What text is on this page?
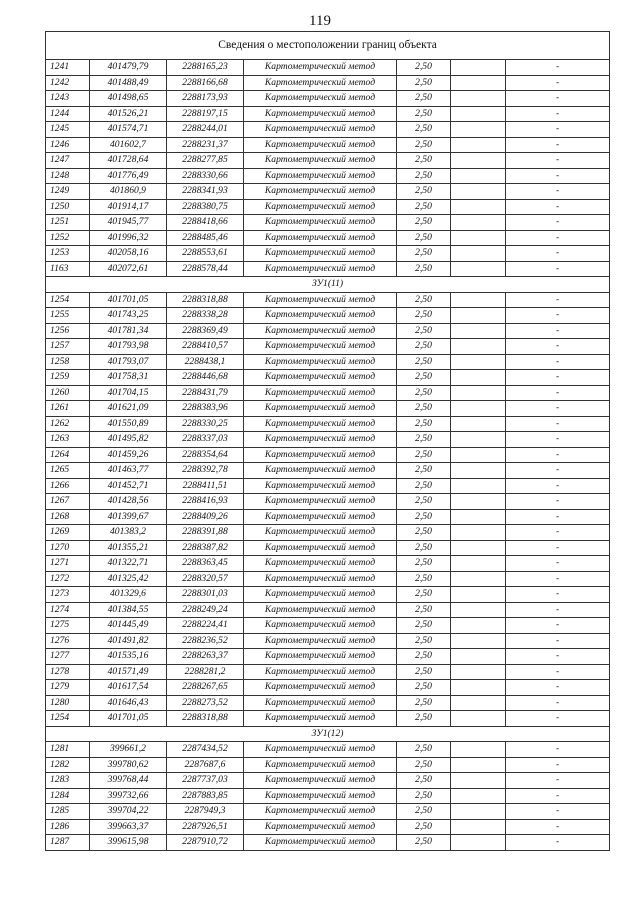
119
Сведения о местоположении границ объекта						
1241	401479,79	2288165,23	Картометрический метод	2,50		-
1242	401488,49	2288166,68	Картометрический метод	2,50		-
1243	401498,65	2288173,93	Картометрический метод	2,50		-
1244	401526,21	2288197,15	Картометрический метод	2,50		-
1245	401574,71	2288244,01	Картометрический метод	2,50		-
1246	401602,7	2288231,37	Картометрический метод	2,50		-
1247	401728,64	2288277,85	Картометрический метод	2,50		-
1248	401776,49	2288330,66	Картометрический метод	2,50		-
1249	401860,9	2288341,93	Картометрический метод	2,50		-
1250	401914,17	2288380,75	Картометрический метод	2,50		-
1251	401945,77	2288418,66	Картометрический метод	2,50		-
1252	401996,32	2288485,46	Картометрический метод	2,50		-
1253	402058,16	2288553,61	Картометрический метод	2,50		-
1163	402072,61	2288578,44	Картометрический метод	2,50		-
ЗУ1(11)						
1254	401701,05	2288318,88	Картометрический метод	2,50		-
1255	401743,25	2288338,28	Картометрический метод	2,50		-
1256	401781,34	2288369,49	Картометрический метод	2,50		-
1257	401793,98	2288410,57	Картометрический метод	2,50		-
1258	401793,07	2288438,1	Картометрический метод	2,50		-
1259	401758,31	2288446,68	Картометрический метод	2,50		-
1260	401704,15	2288431,79	Картометрический метод	2,50		-
1261	401621,09	2288383,96	Картометрический метод	2,50		-
1262	401550,89	2288330,25	Картометрический метод	2,50		-
1263	401495,82	2288337,03	Картометрический метод	2,50		-
1264	401459,26	2288354,64	Картометрический метод	2,50		-
1265	401463,77	2288392,78	Картометрический метод	2,50		-
1266	401452,71	2288411,51	Картометрический метод	2,50		-
1267	401428,56	2288416,93	Картометрический метод	2,50		-
1268	401399,67	2288409,26	Картометрический метод	2,50		-
1269	401383,2	2288391,88	Картометрический метод	2,50		-
1270	401355,21	2288387,82	Картометрический метод	2,50		-
1271	401322,71	2288363,45	Картометрический метод	2,50		-
1272	401325,42	2288320,57	Картометрический метод	2,50		-
1273	401329,6	2288301,03	Картометрический метод	2,50		-
1274	401384,55	2288249,24	Картометрический метод	2,50		-
1275	401445,49	2288224,41	Картометрический метод	2,50		-
1276	401491,82	2288236,52	Картометрический метод	2,50		-
1277	401535,16	2288263,37	Картометрический метод	2,50		-
1278	401571,49	2288281,2	Картометрический метод	2,50		-
1279	401617,54	2288267,65	Картометрический метод	2,50		-
1280	401646,43	2288273,52	Картометрический метод	2,50		-
1254	401701,05	2288318,88	Картометрический метод	2,50		-
ЗУ1(12)						
1281	399661,2	2287434,52	Картометрический метод	2,50		-
1282	399780,62	2287687,6	Картометрический метод	2,50		-
1283	399768,44	2287737,03	Картометрический метод	2,50		-
1284	399732,66	2287883,85	Картометрический метод	2,50		-
1285	399704,22	2287949,3	Картометрический метод	2,50		-
1286	399663,37	2287926,51	Картометрический метод	2,50		-
1287	399615,98	2287910,72	Картометрический метод	2,50		-
